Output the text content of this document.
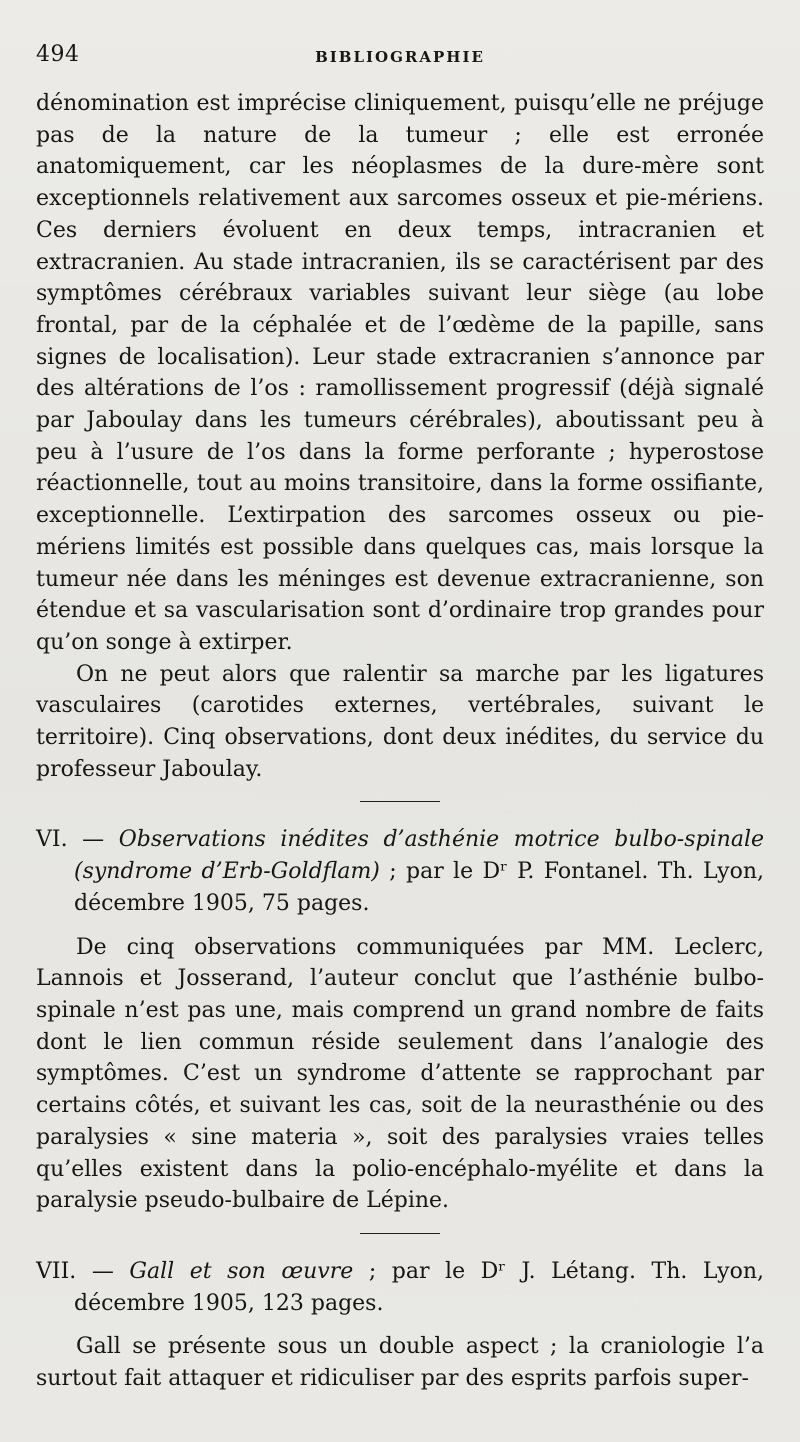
494	BIBLIOGRAPHIE

dénomination est imprécise cliniquement, puisqu’elle ne préjuge pas de la nature de la tumeur ; elle est erronée anatomiquement, car les néoplasmes de la dure-mère sont exceptionnels relativement aux sarcomes osseux et pie-mériens. Ces derniers évoluent en deux temps, intracranien et extracranien. Au stade intracranien, ils se caractérisent par des symptômes cérébraux variables suivant leur siège (au lobe frontal, par de la céphalée et de l’œdème de la papille, sans signes de localisation). Leur stade extracranien s’annonce par des altérations de l’os : ramollissement progressif (déjà signalé par Jaboulay dans les tumeurs cérébrales), aboutissant peu à peu à l’usure de l’os dans la forme perforante ; hyperostose réactionnelle, tout au moins transitoire, dans la forme ossifiante, exceptionnelle. L’extirpation des sarcomes osseux ou pie-mériens limités est possible dans quelques cas, mais lorsque la tumeur née dans les méninges est devenue extracranienne, son étendue et sa vascularisation sont d’ordinaire trop grandes pour qu’on songe à extirper.

On ne peut alors que ralentir sa marche par les ligatures vasculaires (carotides externes, vertébrales, suivant le territoire). Cinq observations, dont deux inédites, du service du professeur Jaboulay.

VI. — Observations inédites d’asthénie motrice bulbo-spinale (syndrome d’Erb-Goldflam) ; par le Dʳ P. Fontanel. Th. Lyon, décembre 1905, 75 pages.

De cinq observations communiquées par MM. Leclerc, Lannois et Josserand, l’auteur conclut que l’asthénie bulbo-spinale n’est pas une, mais comprend un grand nombre de faits dont le lien commun réside seulement dans l’analogie des symptômes. C’est un syndrome d’attente se rapprochant par certains côtés, et suivant les cas, soit de la neurasthénie ou des paralysies « sine materia », soit des paralysies vraies telles qu’elles existent dans la polio-encéphalo-myélite et dans la paralysie pseudo-bulbaire de Lépine.

VII. — Gall et son œuvre ; par le Dʳ J. Létang. Th. Lyon, décembre 1905, 123 pages.

Gall se présente sous un double aspect ; la craniologie l’a surtout fait attaquer et ridiculiser par des esprits parfois super-
